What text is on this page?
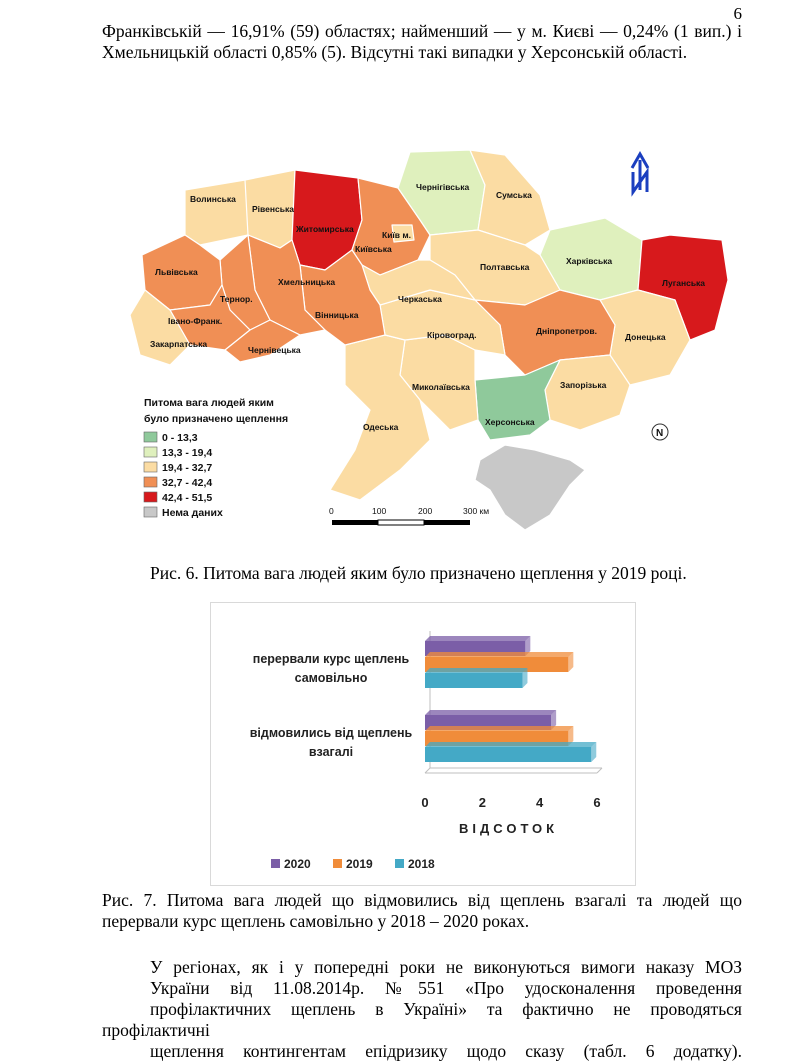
6
Франківській — 16,91% (59) областях; найменший — у м. Києві — 0,24% (1 вип.) і Хмельницькій області 0,85% (5). Відсутні такі випадки у Херсонській області.
Волинська
Рівенська
Житомирська
Київська
Київ м.
Чернігівська
Сумська
Харківська
Луганська
Донецька
Полтавська
Дніпропетров.
Запорізька
Херсонська
Миколаївська
Одеська
Кіровоград.
Черкаська
Вінницька
Хмельницька
Тернор.
Львівська
Івано-Франк.
Закарпатська
Чернівецька
N
Питома вага людей яким
було призначено щеплення
0 - 13,3
13,3 - 19,4
19,4 - 32,7
32,7 - 42,4
42,4 - 51,5
Нема даних	0	100	200	300 км
Рис. 6. Питома вага людей яким було призначено щеплення у 2019 році.
перервали курс щеплень
самовільно
відмовились від щеплень
взагалі
0	2	4	6
ВІДСОТОК
2020	2019	2018
Рис. 7. Питома вага людей що відмовились від щеплень взагалі та людей що перервали курс щеплень самовільно у 2018 – 2020 роках.
У регіонах, як і у попередні роки не виконуються вимоги наказу МОЗ
України від 11.08.2014р. №551 «Про удосконалення проведення
профілактичних щеплень в Україні» та фактично не проводяться профілактичні
щеплення контингентам епідризику щодо сказу (табл. 6 додатку).
